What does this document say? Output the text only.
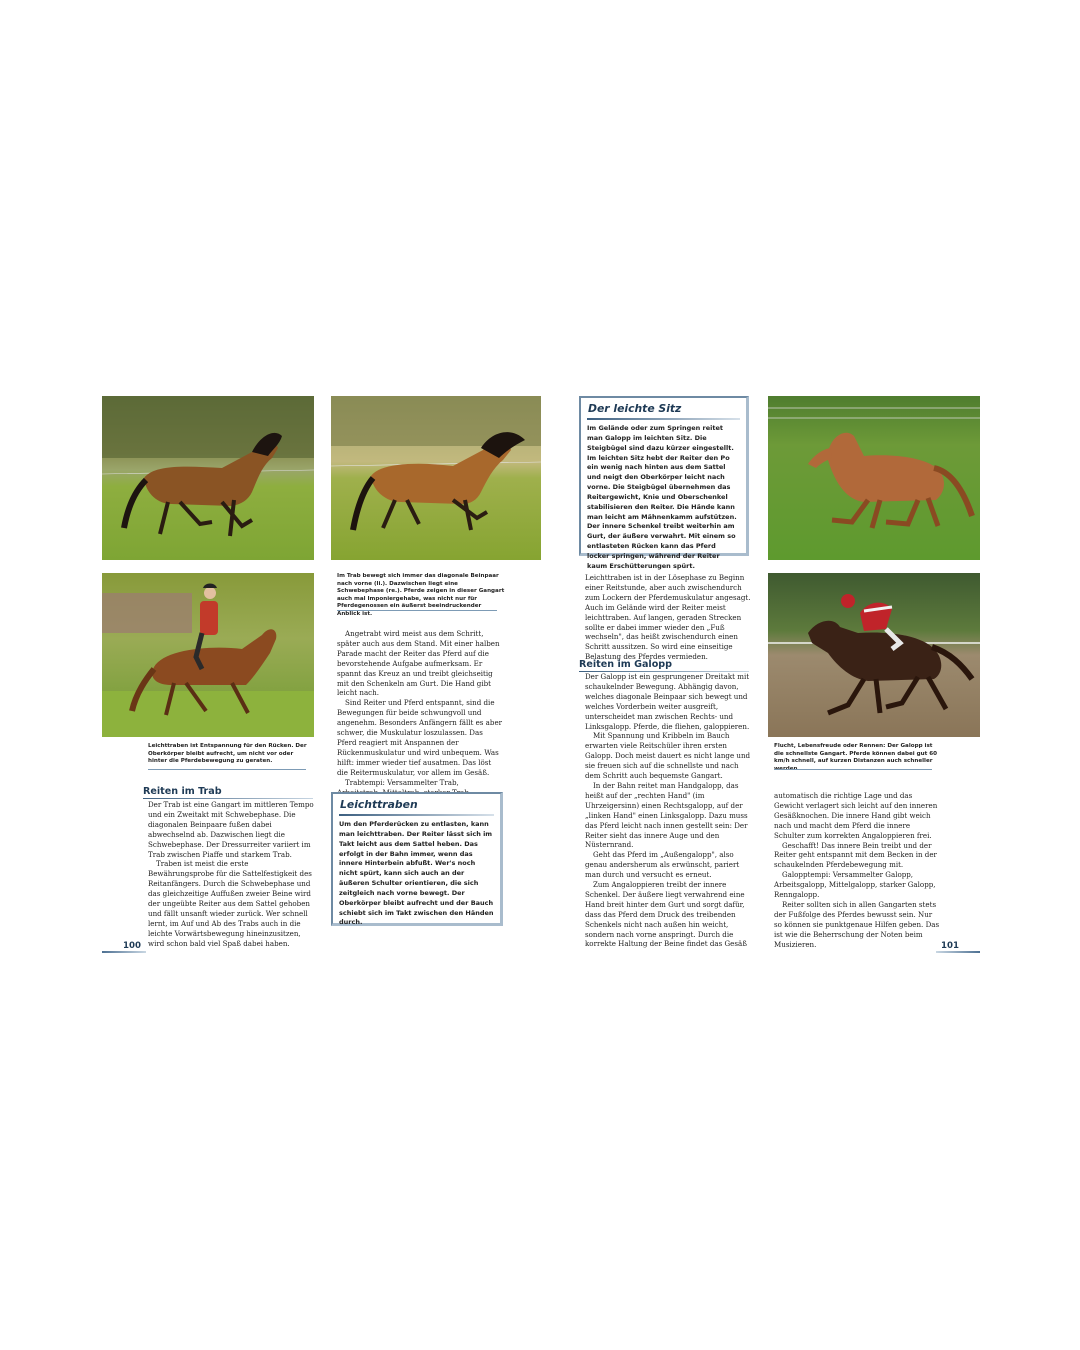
Im Trab bewegt sich immer das diagonale Beinpaar nach vorne (li.). Dazwischen liegt eine Schwebephase (re.). Pferde zeigen in dieser Gangart auch mal Imponiergehabe, was nicht nur für Pferdegenossen ein äußerst beeindruckender Anblick ist.
Leichttraben ist Entspannung für den Rücken. Der Oberkörper bleibt aufrecht, um nicht vor oder hinter die Pferdebewegung zu geraten.
Reiten im Trab

Der Trab ist eine Gangart im mittleren Tempo und ein Zweitakt mit Schwebephase. Die diagonalen Beinpaare fußen dabei abwechselnd ab. Dazwischen liegt die Schwebephase. Der Dressurreiter variiert im Trab zwischen Piaffe und starkem Trab.

Traben ist meist die erste Bewährungsprobe für die Sattelfestigkeit des Reitanfängers. Durch die Schwebephase und das gleichzeitige Auffußen zweier Beine wird der ungeübte Reiter aus dem Sattel gehoben und fällt unsanft wieder zurück. Wer schnell lernt, im Auf und Ab des Trabs auch in die leichte Vorwärtsbewegung hineinzusitzen, wird schon bald viel Spaß dabei haben.

Angetrabt wird meist aus dem Schritt, später auch aus dem Stand. Mit einer halben Parade macht der Reiter das Pferd auf die bevorstehende Aufgabe aufmerksam. Er spannt das Kreuz an und treibt gleichseitig mit den Schenkeln am Gurt. Die Hand gibt leicht nach.

Sind Reiter und Pferd entspannt, sind die Bewegungen für beide schwungvoll und angenehm. Besonders Anfängern fällt es aber schwer, die Muskulatur loszulassen. Das Pferd reagiert mit Anspannen der Rückenmuskulatur und wird unbequem. Was hilft: immer wieder tief ausatmen. Das löst die Reitermuskulatur, vor allem im Gesäß.

Trabtempi: Versammelter Trab,

Leichttraben
Um den Pferderücken zu entlasten, kann man leichttraben. Der Reiter lässt sich im Takt leicht aus dem Sattel heben. Das erfolgt in der Bahn immer, wenn das innere Hinterbein abfußt. Wer's noch nicht spürt, kann sich auch an der äußeren Schulter orientieren, die sich zeitgleich nach vorne bewegt. Der Oberkörper bleibt aufrecht und der Bauch schiebt sich im Takt zwischen den Händen durch.
100
Der leichte Sitz
Im Gelände oder zum Springen reitet man Galopp im leichten Sitz. Die Steigbügel sind dazu kürzer eingestellt. Im leichten Sitz hebt der Reiter den Po ein wenig nach hinten aus dem Sattel und neigt den Oberkörper leicht nach vorne. Die Steigbügel übernehmen das Reitergewicht, Knie und Oberschenkel stabilisieren den Reiter. Die Hände kann man leicht am Mähnenkamm aufstützen. Der innere Schenkel treibt weiterhin am Gurt, der äußere verwahrt. Mit einem so entlasteten Rücken kann das Pferd locker springen, während der Reiter kaum Erschütterungen spürt.

Leichttraben ist in der Lösephase zu Beginn einer Reitstunde, aber auch zwischendurch zum Lockern der Pferdemuskulatur angesagt. Auch im Gelände wird der Reiter meist leichttraben. Auf langen, geraden Strecken sollte er dabei immer wieder den „Fuß wechseln", das heißt zwischendurch einen Schritt aussitzen. So wird eine einseitige Belastung des Pferdes vermieden.

Reiten im Galopp

Der Galopp ist ein gesprungener Dreitakt mit schaukelnder Bewegung. Abhängig davon, welches diagonale Beinpaar sich bewegt und welches Vorderbein weiter ausgreift, unterscheidet man zwischen Rechts- und Linksgalopp. Pferde, die fliehen, galoppieren.

Mit Spannung und Kribbeln im Bauch erwarten viele Reitschüler ihren ersten Galopp. Doch meist dauert es nicht lange und sie freuen sich auf die schnellste und nach dem Schritt auch bequemste Gangart.

In der Bahn reitet man Handgalopp, das heißt auf der „rechten Hand" (im Uhrzeigersinn) einen Rechtsgalopp, auf der „linken Hand" einen Linksgalopp. Dazu muss das Pferd leicht nach innen gestellt sein: Der Reiter sieht das innere Auge und den Nüsternrand.

Geht das Pferd im „Außengalopp", also genau andersherum als erwünscht, pariert man durch und versucht es erneut.

Zum Angaloppieren treibt der innere Schenkel. Der äußere liegt verwahrend eine Hand breit hinter dem Gurt und sorgt dafür, dass das Pferd dem Druck des treibenden Schenkels nicht nach außen hin weicht, sondern nach vorne anspringt. Durch die korrekte Haltung der Beine findet das Gesäß

Flucht, Lebensfreude oder Rennen: Der Galopp ist die schnellste Gangart. Pferde können dabei gut 60 km/h schnell, auf kurzen Distanzen auch schneller

automatisch die richtige Lage und das Gewicht verlagert sich leicht auf den inneren Gesäßknochen. Die innere Hand gibt weich nach und macht dem Pferd die innere Schulter zum korrekten Angaloppieren frei.

Geschafft! Das innere Bein treibt und der Reiter geht entspannt mit dem Becken in der schaukelnden Pferdebewegung mit.

Galopptempi: Versammelter Galopp, Arbeitsgalopp, Mittelgalopp, starker Galopp, Renngalopp.

Reiter sollten sich in allen Gangarten stets der Fußfolge des Pferdes bewusst sein. Nur so können sie punktgenaue Hilfen geben. Das ist wie die Beherrschung der Noten beim Musizieren.	101
